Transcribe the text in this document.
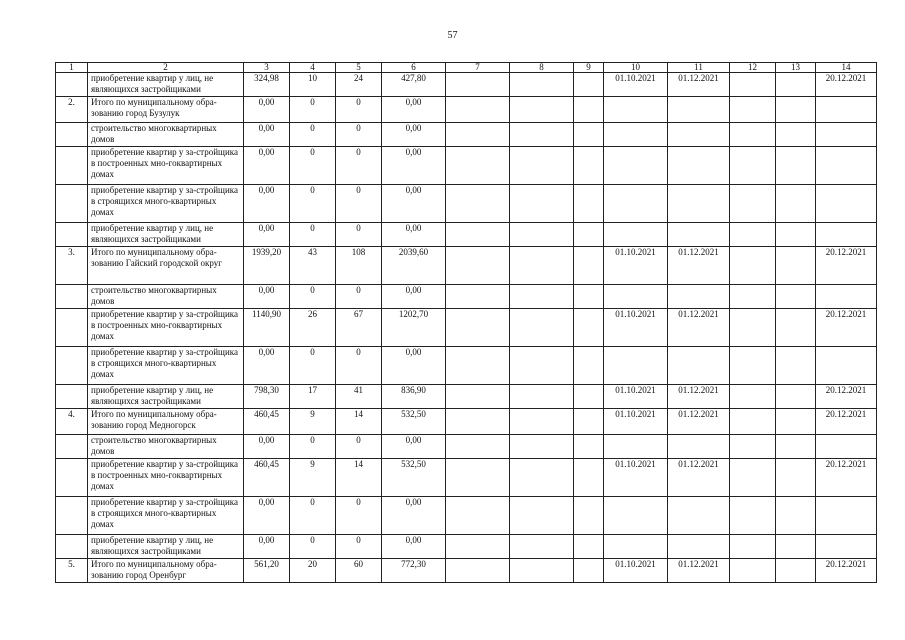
57
1	2	3	4	5	6	7	8	9	10	11	12	13	14
	приобретение квартир у лиц, не являющихся застройщиками	324,98	10	24	427,80				01.10.2021	01.12.2021			20.12.2021
2.	Итого по муниципальному обра-зованию город Бузулук	0,00	0	0	0,00								
	строительство многоквартирных домов	0,00	0	0	0,00								
	приобретение квартир у за-стройщика в построенных мно-гоквартирных домах	0,00	0	0	0,00								
	приобретение квартир у за-стройщика в строящихся много-квартирных домах	0,00	0	0	0,00								
	приобретение квартир у лиц, не являющихся застройщиками	0,00	0	0	0,00								
3.	Итого по муниципальному обра-зованию Гайский городской округ	1939,20	43	108	2039,60				01.10.2021	01.12.2021			20.12.2021
	строительство многоквартирных домов	0,00	0	0	0,00								
	приобретение квартир у за-стройщика в построенных мно-гоквартирных домах	1140,90	26	67	1202,70				01.10.2021	01.12.2021			20.12.2021
	приобретение квартир у за-стройщика в строящихся много-квартирных домах	0,00	0	0	0,00								
	приобретение квартир у лиц, не являющихся застройщиками	798,30	17	41	836,90				01.10.2021	01.12.2021			20.12.2021
4.	Итого по муниципальному обра-зованию город Медногорск	460,45	9	14	532,50				01.10.2021	01.12.2021			20.12.2021
	строительство многоквартирных домов	0,00	0	0	0,00								
	приобретение квартир у за-стройщика в построенных мно-гоквартирных домах	460,45	9	14	532,50				01.10.2021	01.12.2021			20.12.2021
	приобретение квартир у за-стройщика в строящихся много-квартирных домах	0,00	0	0	0,00								
	приобретение квартир у лиц, не являющихся застройщиками	0,00	0	0	0,00								
5.	Итого по муниципальному обра-зованию город Оренбург	561,20	20	60	772,30				01.10.2021	01.12.2021			20.12.2021
